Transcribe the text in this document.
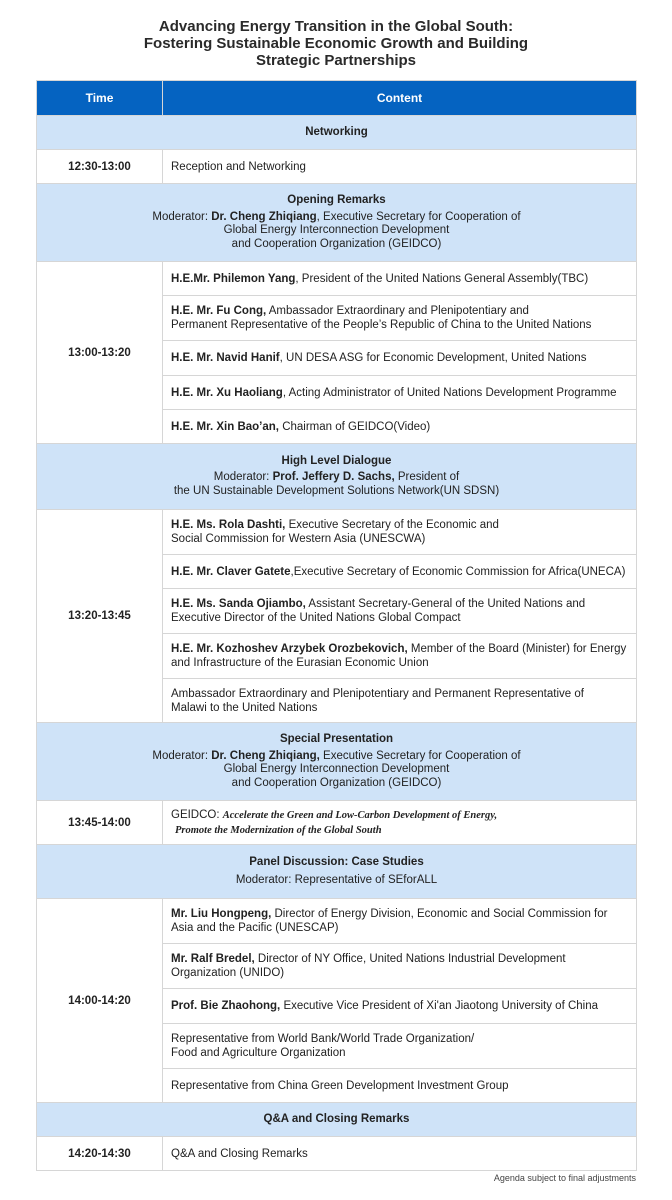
Advancing Energy Transition in the Global South:
Fostering Sustainable Economic Growth and Building
Strategic Partnerships
Time	Content
Networking	
12:30-13:00	Reception and Networking

Opening Remarks
Moderator: Dr. Cheng Zhiqiang, Executive Secretary for Cooperation of
Global Energy Interconnection Development
and Cooperation Organization (GEIDCO)	

13:00-13:20	H.E.Mr. Philemon Yang, President of the United Nations General Assembly(TBC)
	H.E. Mr. Fu Cong, Ambassador Extraordinary and Plenipotentiary and
Permanent Representative of the People’s Republic of China to the United Nations
	H.E. Mr. Navid Hanif, UN DESA ASG for Economic Development, United Nations
	H.E. Mr. Xu Haoliang, Acting Administrator of United Nations Development Programme
	H.E. Mr. Xin Bao’an, Chairman of GEIDCO(Video)

High Level Dialogue
Moderator: Prof. Jeffery D. Sachs, President of
the UN Sustainable Development Solutions Network(UN SDSN)	

13:20-13:45	H.E. Ms. Rola Dashti, Executive Secretary of the Economic and
Social Commission for Western Asia (UNESCWA)
	H.E. Mr. Claver Gatete,Executive Secretary of Economic Commission for Africa(UNECA)
	H.E. Ms. Sanda Ojiambo, Assistant Secretary-General of the United Nations and
Executive Director of the United Nations Global Compact
	H.E. Mr. Kozhoshev Arzybek Orozbekovich, Member of the Board (Minister) for Energy
and Infrastructure of the Eurasian Economic Union
	Ambassador Extraordinary and Plenipotentiary and Permanent Representative of
Malawi to the United Nations

Special Presentation
Moderator: Dr. Cheng Zhiqiang, Executive Secretary for Cooperation of
Global Energy Interconnection Development
and Cooperation Organization (GEIDCO)	

13:45-14:00	GEIDCO: Accelerate the Green and Low-Carbon Development of Energy,
Promote the Modernization of the Global South

Panel Discussion: Case Studies
Moderator: Representative of SEforALL	

14:00-14:20	Mr. Liu Hongpeng, Director of Energy Division, Economic and Social Commission for
Asia and the Pacific (UNESCAP)
	Mr. Ralf Bredel, Director of NY Office, United Nations Industrial Development
Organization (UNIDO)
	Prof. Bie Zhaohong, Executive Vice President of Xi'an Jiaotong University of China
	Representative from World Bank/World Trade Organization/
Food and Agriculture Organization
	Representative from China Green Development Investment Group
Q&A and Closing Remarks	
14:20-14:30	Q&A and Closing Remarks
Agenda subject to final adjustments
